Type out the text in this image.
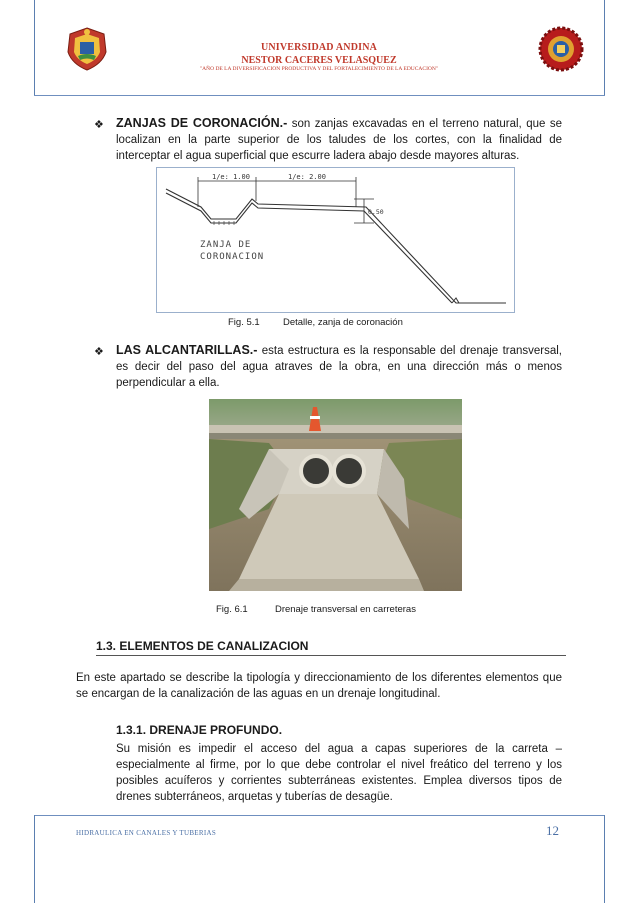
UNIVERSIDAD ANDINA
NESTOR CACERES VELASQUEZ
"AÑO DE LA DIVERSIFICACION PRODUCTIVA Y DEL FORTALECIMIENTO DE LA EDUCACION"
❖ ZANJAS DE CORONACIÓN.- son zanjas excavadas en el terreno natural, que se localizan en la parte superior de los taludes de los cortes, con la finalidad de interceptar el agua superficial que escurre ladera abajo desde mayores alturas.
1/e: 1.00	1/e: 2.00
0.50
ZANJA DE
CORONACION
Fig. 5.1 Detalle, zanja de coronación
❖ LAS ALCANTARILLAS.- esta estructura es la responsable del drenaje transversal, es decir del paso del agua atraves de la obra, en una dirección más o menos perpendicular a ella.
Fig. 6.1	Drenaje transversal en carreteras
1.3. ELEMENTOS DE CANALIZACION
En este apartado se describe la tipología y direccionamiento de los diferentes elementos que se encargan de la canalización de las aguas en un drenaje longitudinal.
1.3.1. DRENAJE PROFUNDO.
Su misión es impedir el acceso del agua a capas superiores de la carreta – especialmente al firme, por lo que debe controlar el nivel freático del terreno y los posibles acuíferos y corrientes subterráneas existentes. Emplea diversos tipos de drenes subterráneos, arquetas y tuberías de desagüe.
HIDRAULICA EN CANALES Y TUBERIAS	12
